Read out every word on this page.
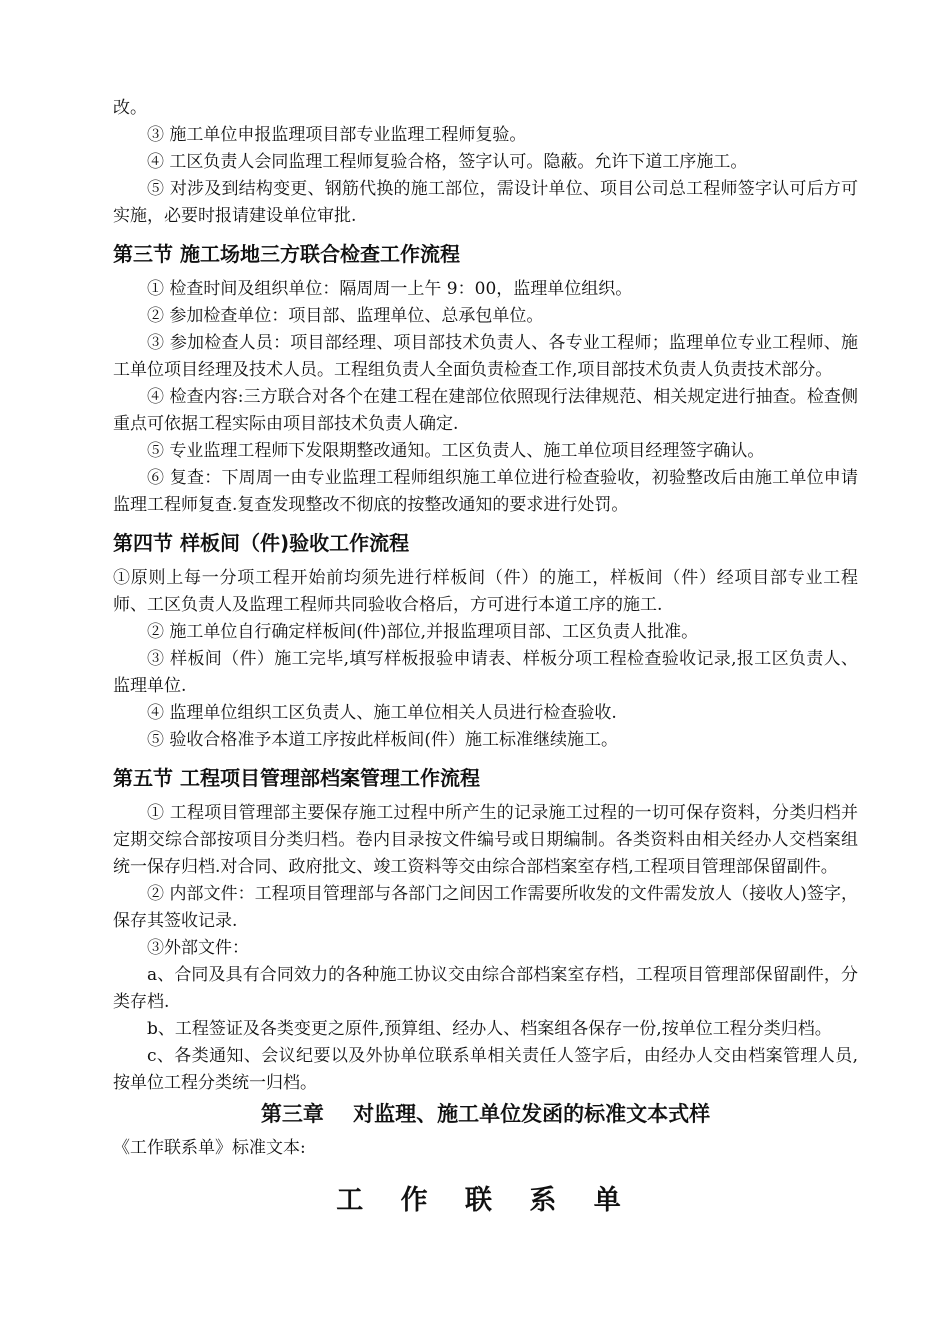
改。

③ 施工单位申报监理项目部专业监理工程师复验。

④ 工区负责人会同监理工程师复验合格，签字认可。隐蔽。允许下道工序施工。

⑤ 对涉及到结构变更、钢筋代换的施工部位，需设计单位、项目公司总工程师签字认可后方可实施，必要时报请建设单位审批.

第三节 施工场地三方联合检查工作流程

① 检查时间及组织单位：隔周周一上午 9：00，监理单位组织。

② 参加检查单位：项目部、监理单位、总承包单位。

③ 参加检查人员：项目部经理、项目部技术负责人、各专业工程师；监理单位专业工程师、施工单位项目经理及技术人员。工程组负责人全面负责检查工作,项目部技术负责人负责技术部分。

④ 检查内容:三方联合对各个在建工程在建部位依照现行法律规范、相关规定进行抽查。检查侧重点可依据工程实际由项目部技术负责人确定.

⑤ 专业监理工程师下发限期整改通知。工区负责人、施工单位项目经理签字确认。

⑥ 复查：下周周一由专业监理工程师组织施工单位进行检查验收，初验整改后由施工单位申请监理工程师复查.复查发现整改不彻底的按整改通知的要求进行处罚。

第四节 样板间（件)验收工作流程

①原则上每一分项工程开始前均须先进行样板间（件）的施工，样板间（件）经项目部专业工程师、工区负责人及监理工程师共同验收合格后，方可进行本道工序的施工.

② 施工单位自行确定样板间(件)部位,并报监理项目部、工区负责人批准。

③ 样板间（件）施工完毕,填写样板报验申请表、样板分项工程检查验收记录,报工区负责人、监理单位.

④ 监理单位组织工区负责人、施工单位相关人员进行检查验收.

⑤ 验收合格准予本道工序按此样板间(件）施工标准继续施工。

第五节 工程项目管理部档案管理工作流程

① 工程项目管理部主要保存施工过程中所产生的记录施工过程的一切可保存资料，分类归档并定期交综合部按项目分类归档。卷内目录按文件编号或日期编制。各类资料由相关经办人交档案组统一保存归档.对合同、政府批文、竣工资料等交由综合部档案室存档,工程项目管理部保留副件。

② 内部文件：工程项目管理部与各部门之间因工作需要所收发的文件需发放人（接收人)签字，保存其签收记录.

③外部文件：

a、合同及具有合同效力的各种施工协议交由综合部档案室存档，工程项目管理部保留副件，分类存档.

b、工程签证及各类变更之原件,预算组、经办人、档案组各保存一份,按单位工程分类归档。

c、各类通知、会议纪要以及外协单位联系单相关责任人签字后，由经办人交由档案管理人员,按单位工程分类统一归档。

第三章    对监理、施工单位发函的标准文本式样

《工作联系单》标准文本:

工 作 联 系 单
